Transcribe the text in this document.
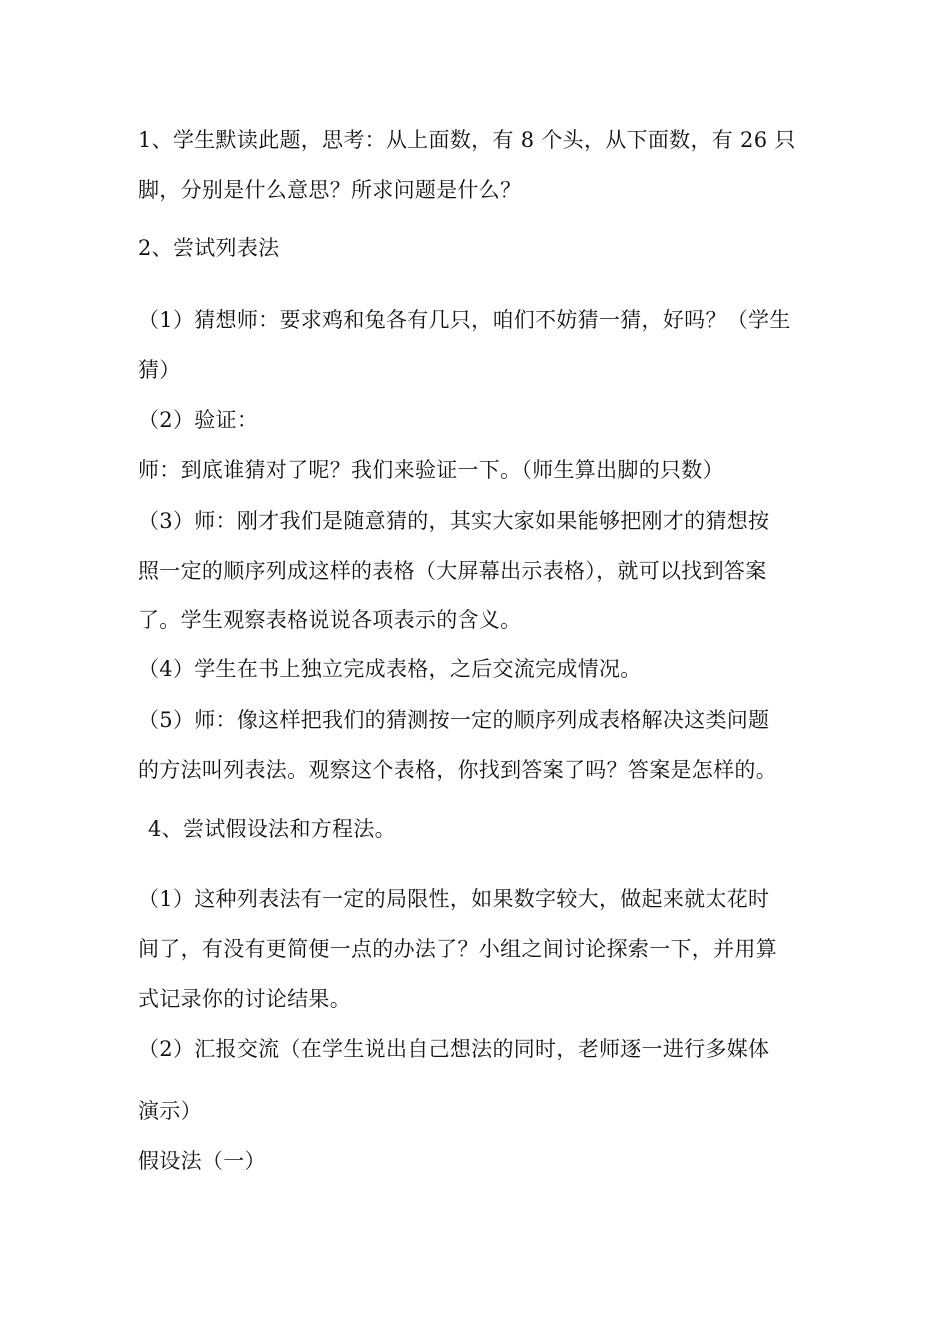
1、学生默读此题，思考：从上面数，有 8 个头，从下面数，有 26 只
脚，分别是什么意思？所求问题是什么？
2、尝试列表法
（1）猜想师：要求鸡和兔各有几只，咱们不妨猜一猜，好吗？（学生
猜）
（2）验证：
师：到底谁猜对了呢？我们来验证一下。（师生算出脚的只数）
（3）师：刚才我们是随意猜的，其实大家如果能够把刚才的猜想按
照一定的顺序列成这样的表格（大屏幕出示表格），就可以找到答案
了。学生观察表格说说各项表示的含义。
（4）学生在书上独立完成表格，之后交流完成情况。
（5）师：像这样把我们的猜测按一定的顺序列成表格解决这类问题
的方法叫列表法。观察这个表格，你找到答案了吗？答案是怎样的。
4、尝试假设法和方程法。
（1）这种列表法有一定的局限性，如果数字较大，做起来就太花时
间了，有没有更简便一点的办法了？小组之间讨论探索一下，并用算
式记录你的讨论结果。
（2）汇报交流（在学生说出自己想法的同时，老师逐一进行多媒体
演示）
假设法（一）
